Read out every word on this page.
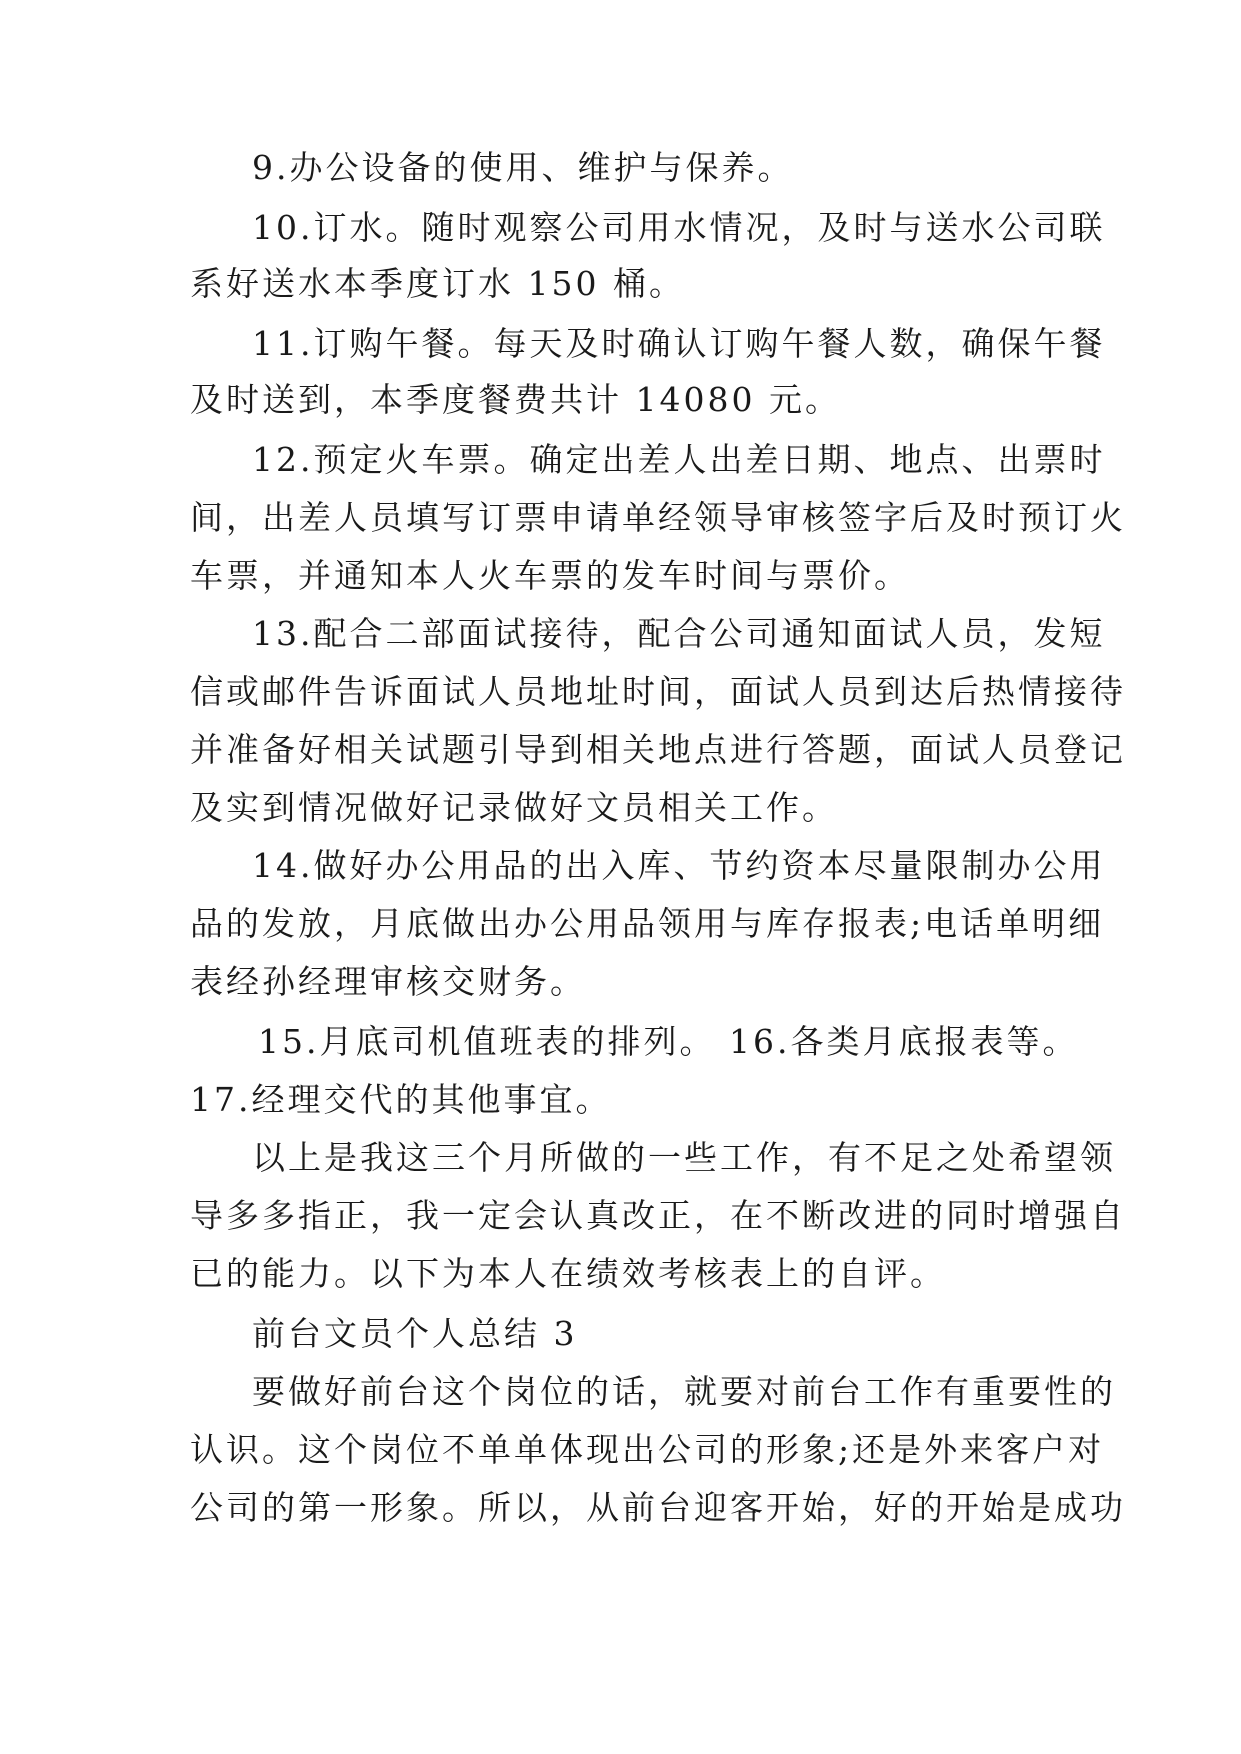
9.办公设备的使用、维护与保养。
10.订水。随时观察公司用水情况，及时与送水公司联
系好送水本季度订水 150 桶。
11.订购午餐。每天及时确认订购午餐人数，确保午餐
及时送到，本季度餐费共计 14080 元。
12.预定火车票。确定出差人出差日期、地点、出票时
间，出差人员填写订票申请单经领导审核签字后及时预订火
车票，并通知本人火车票的发车时间与票价。
13.配合二部面试接待，配合公司通知面试人员，发短
信或邮件告诉面试人员地址时间，面试人员到达后热情接待
并准备好相关试题引导到相关地点进行答题，面试人员登记
及实到情况做好记录做好文员相关工作。
14.做好办公用品的出入库、节约资本尽量限制办公用
品的发放，月底做出办公用品领用与库存报表;电话单明细
表经孙经理审核交财务。
15.月底司机值班表的排列。 16.各类月底报表等。
17.经理交代的其他事宜。
以上是我这三个月所做的一些工作，有不足之处希望领
导多多指正，我一定会认真改正，在不断改进的同时增强自
已的能力。以下为本人在绩效考核表上的自评。
前台文员个人总结 3
要做好前台这个岗位的话，就要对前台工作有重要性的
认识。这个岗位不单单体现出公司的形象;还是外来客户对
公司的第一形象。所以，从前台迎客开始，好的开始是成功
